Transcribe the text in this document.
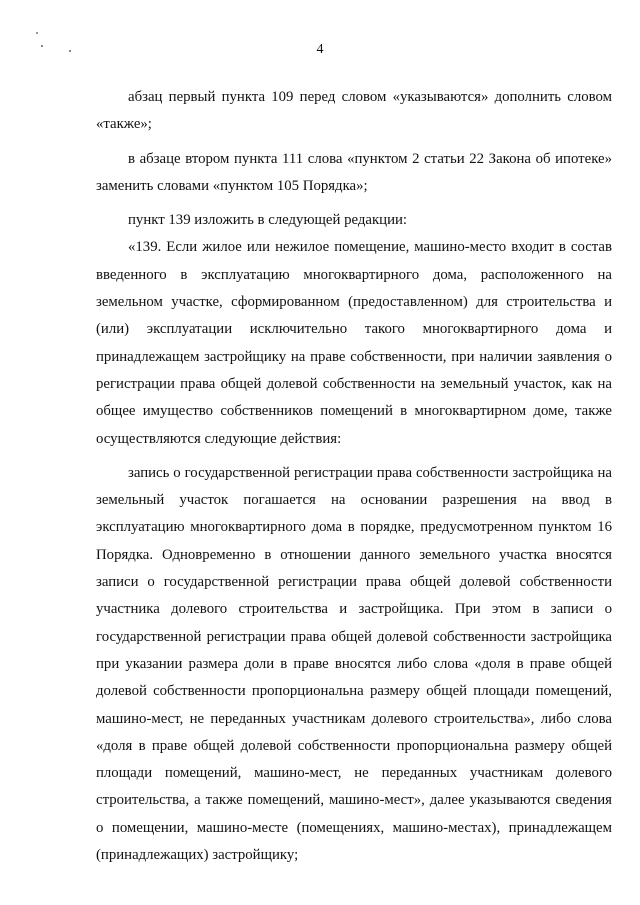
4

абзац первый пункта 109 перед словом «указываются» дополнить словом «также»;

в абзаце втором пункта 111 слова «пунктом 2 статьи 22 Закона об ипотеке» заменить словами «пунктом 105 Порядка»;

пункт 139 изложить в следующей редакции:

«139. Если жилое или нежилое помещение, машино-место входит в состав введенного в эксплуатацию многоквартирного дома, расположенного на земельном участке, сформированном (предоставленном) для строительства и (или) эксплуатации исключительно такого многоквартирного дома и принадлежащем застройщику на праве собственности, при наличии заявления о регистрации права общей долевой собственности на земельный участок, как на общее имущество собственников помещений в многоквартирном доме, также осуществляются следующие действия:

запись о государственной регистрации права собственности застройщика на земельный участок погашается на основании разрешения на ввод в эксплуатацию многоквартирного дома в порядке, предусмотренном пунктом 16 Порядка. Одновременно в отношении данного земельного участка вносятся записи о государственной регистрации права общей долевой собственности участника долевого строительства и застройщика. При этом в записи о государственной регистрации права общей долевой собственности застройщика при указании размера доли в праве вносятся либо слова «доля в праве общей долевой собственности пропорциональна размеру общей площади помещений, машино-мест, не переданных участникам долевого строительства», либо слова «доля в праве общей долевой собственности пропорциональна размеру общей площади помещений, машино-мест, не переданных участникам долевого строительства, а также помещений, машино-мест», далее указываются сведения о помещении, машино-месте (помещениях, машино-местах), принадлежащем (принадлежащих) застройщику;
